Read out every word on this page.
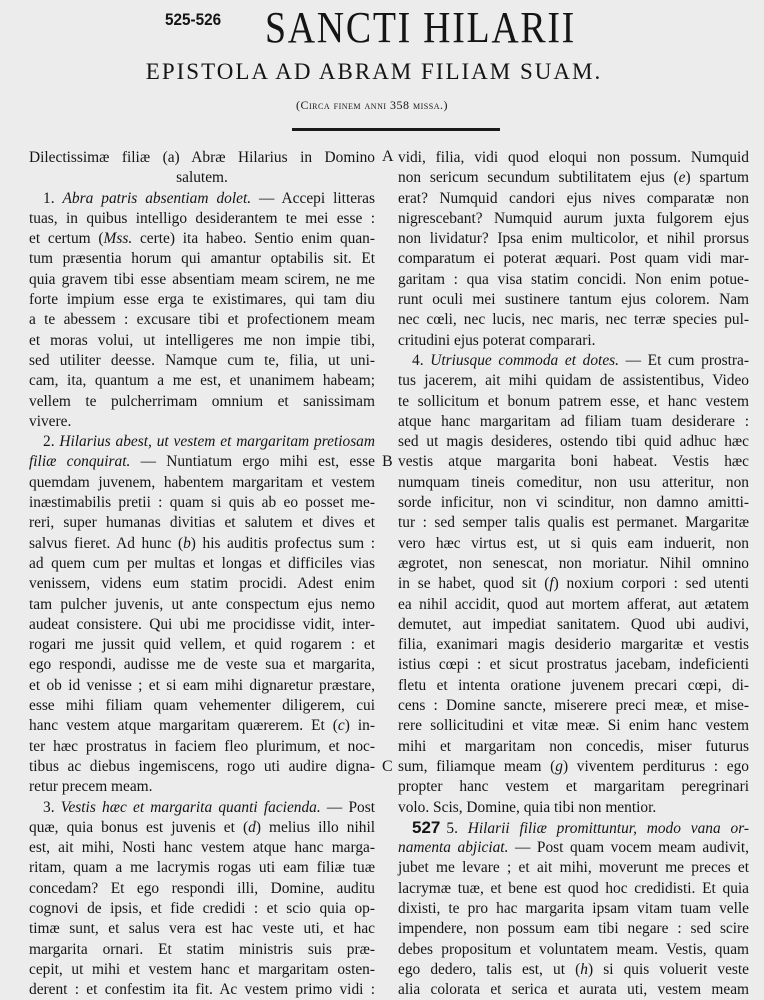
525-526 SANCTI HILARII
EPISTOLA AD ABRAM FILIAM SUAM.
(Circa finem anni 358 missa.)
A
B
C
Dilectissimæ filiæ (a) Abræ Hilarius in Domino
salutem.
1. Abra patris absentiam dolet. — Accepi litteras
tuas, in quibus intelligo desiderantem te mei esse :
et certum (Mss. certe) ita habeo. Sentio enim quan-
tum præsentia horum qui amantur optabilis sit. Et
quia gravem tibi esse absentiam meam scirem, ne me
forte impium esse erga te existimares, qui tam diu
a te abessem : excusare tibi et profectionem meam
et moras volui, ut intelligeres me non impie tibi,
sed utiliter deesse. Namque cum te, filia, ut uni-
cam, ita, quantum a me est, et unanimem habeam;
vellem te pulcherrimam omnium et sanissimam
vivere.
2. Hilarius abest, ut vestem et margaritam pretiosam
filiæ conquirat. — Nuntiatum ergo mihi est, esse
quemdam juvenem, habentem margaritam et vestem
inæstimabilis pretii : quam si quis ab eo posset me-
reri, super humanas divitias et salutem et dives et
salvus fieret. Ad hunc (b) his auditis profectus sum :
ad quem cum per multas et longas et difficiles vias
venissem, videns eum statim procidi. Adest enim
tam pulcher juvenis, ut ante conspectum ejus nemo
audeat consistere. Qui ubi me procidisse vidit, inter-
rogari me jussit quid vellem, et quid rogarem : et
ego respondi, audisse me de veste sua et margarita,
et ob id venisse ; et si eam mihi dignaretur præstare,
esse mihi filiam quam vehementer diligerem, cui
hanc vestem atque margaritam quærerem. Et (c) in-
ter hæc prostratus in faciem fleo plurimum, et noc-
tibus ac diebus ingemiscens, rogo uti audire digna-
retur precem meam.
3. Vestis hæc et margarita quanti facienda. — Post
quæ, quia bonus est juvenis et (d) melius illo nihil
est, ait mihi, Nosti hanc vestem atque hanc marga-
ritam, quam a me lacrymis rogas uti eam filiæ tuæ
concedam? Et ego respondi illi, Domine, auditu
cognovi de ipsis, et fide credidi : et scio quia op-
timæ sunt, et salus vera est hac veste uti, et hac
margarita ornari. Et statim ministris suis præ-
cepit, ut mihi et vestem hanc et margaritam osten-
derent : et confestim ita fit. Ac vestem primo vidi :
vidi, filia, vidi quod eloqui non possum. Numquid
non sericum secundum subtilitatem ejus (e) spartum
erat? Numquid candori ejus nives comparatæ non
nigrescebant? Numquid aurum juxta fulgorem ejus
non lividatur? Ipsa enim multicolor, et nihil prorsus
comparatum ei poterat æquari. Post quam vidi mar-
garitam : qua visa statim concidi. Non enim potue-
runt oculi mei sustinere tantum ejus colorem. Nam
nec cœli, nec lucis, nec maris, nec terræ species pul-
critudini ejus poterat comparari.
4. Utriusque commoda et dotes. — Et cum prostra-
tus jacerem, ait mihi quidam de assistentibus, Video
te sollicitum et bonum patrem esse, et hanc vestem
atque hanc margaritam ad filiam tuam desiderare :
sed ut magis desideres, ostendo tibi quid adhuc hæc
vestis atque margarita boni habeat. Vestis hæc
numquam tineis comeditur, non usu atteritur, non
sorde inficitur, non vi scinditur, non damno amitti-
tur : sed semper talis qualis est permanet. Margaritæ
vero hæc virtus est, ut si quis eam induerit, non
ægrotet, non senescat, non moriatur. Nihil omnino
in se habet, quod sit (f) noxium corpori : sed utenti
ea nihil accidit, quod aut mortem afferat, aut ætatem
demutet, aut impediat sanitatem. Quod ubi audivi,
filia, exanimari magis desiderio margaritæ et vestis
istius cœpi : et sicut prostratus jacebam, indeficienti
fletu et intenta oratione juvenem precari cœpi, di-
cens : Domine sancte, miserere preci meæ, et mise-
rere sollicitudini et vitæ meæ. Si enim hanc vestem
mihi et margaritam non concedis, miser futurus
sum, filiamque meam (g) viventem perditurus : ego
propter hanc vestem et margaritam peregrinari
volo. Scis, Domine, quia tibi non mentior.
527 5. Hilarii filiæ promittuntur, modo vana or-
namenta abjiciat. — Post quam vocem meam audivit,
jubet me levare ; et ait mihi, moverunt me preces et
lacrymæ tuæ, et bene est quod hoc credidisti. Et quia
dixisti, te pro hac margarita ipsam vitam tuam velle
impendere, non possum eam tibi negare : sed scire
debes propositum et voluntatem meam. Vestis, quam
ego dedero, talis est, ut (h) si quis voluerit veste
alia colorata et serica et aurata uti, vestem meam
